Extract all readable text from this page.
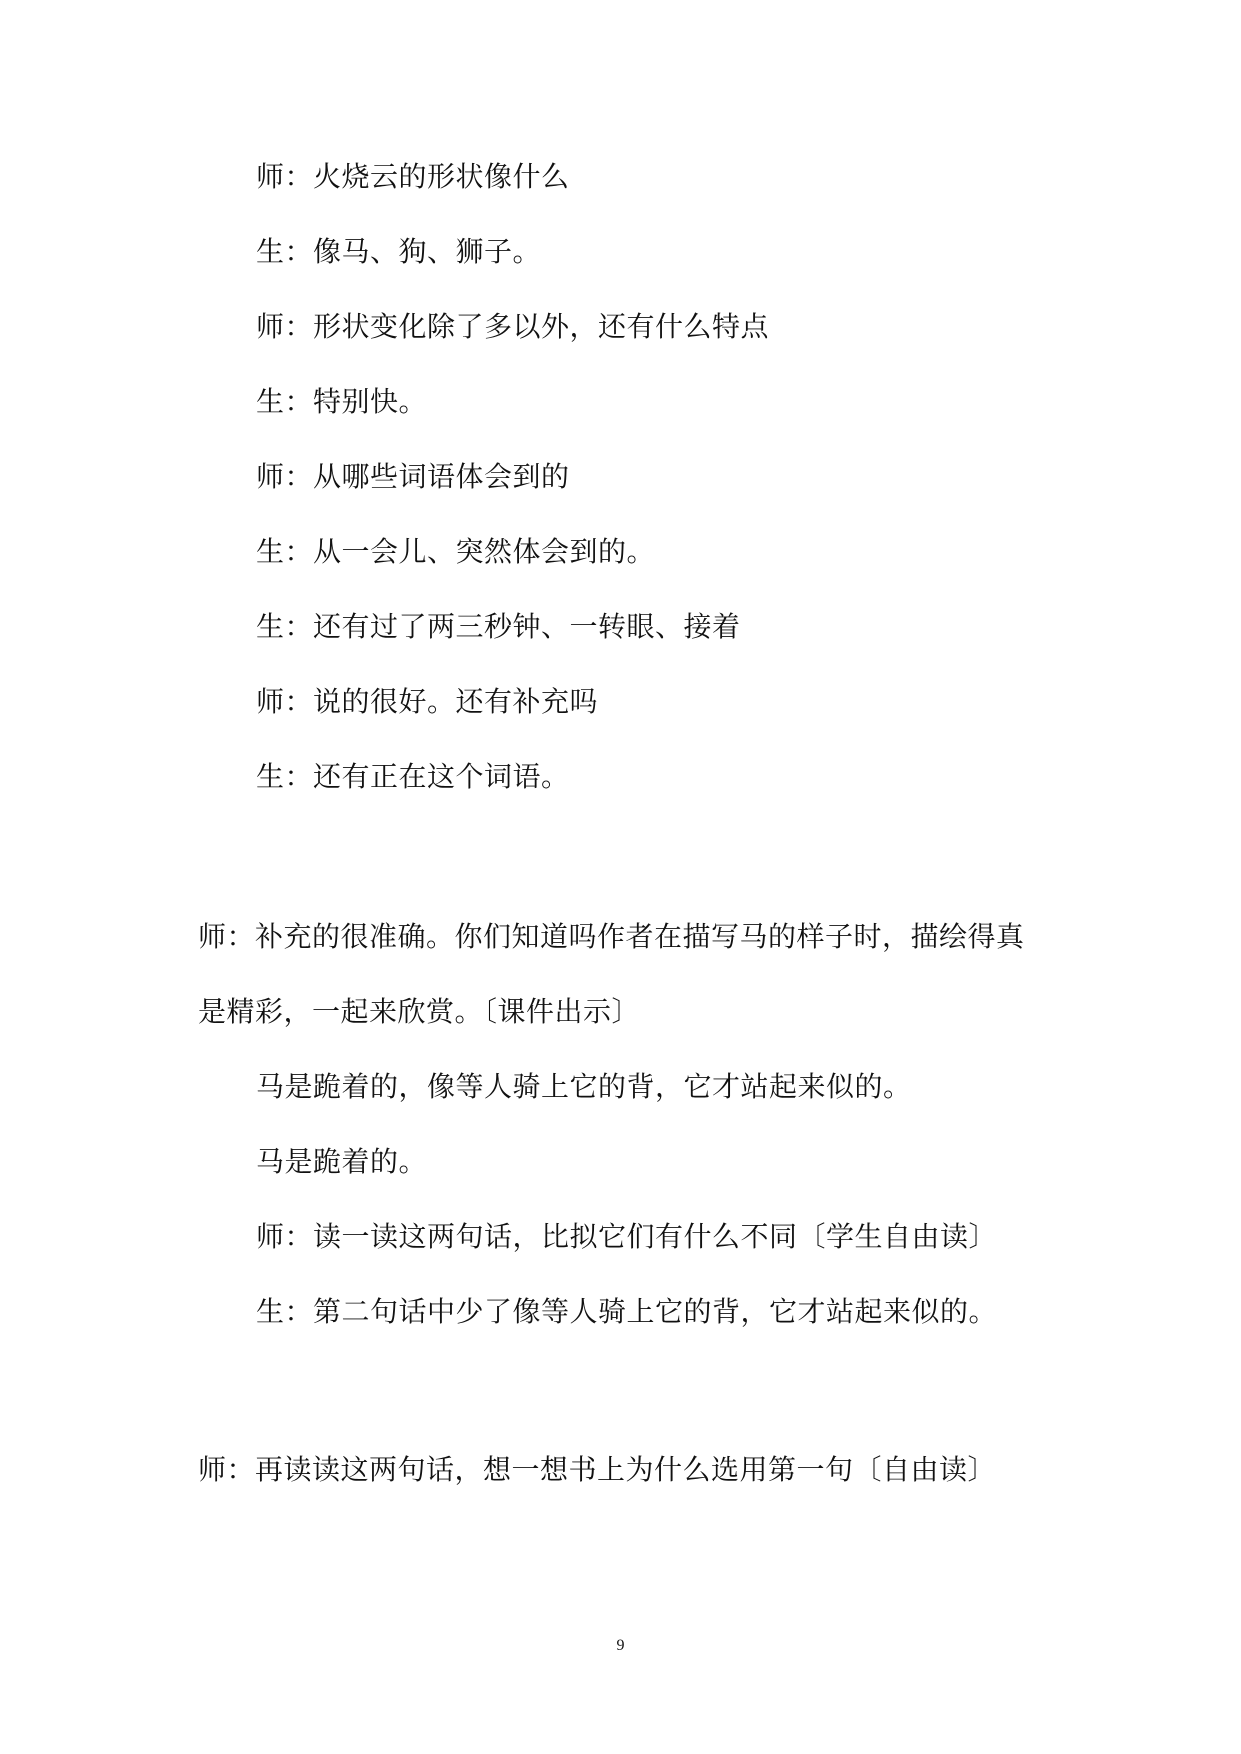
师：火烧云的形状像什么
生：像马、狗、狮子。
师：形状变化除了多以外，还有什么特点
生：特别快。
师：从哪些词语体会到的
生：从一会儿、突然体会到的。
生：还有过了两三秒钟、一转眼、接着
师：说的很好。还有补充吗
生：还有正在这个词语。
师：补充的很准确。你们知道吗作者在描写马的样子时，描绘得真
是精彩，一起来欣赏。〔课件出示〕
马是跪着的，像等人骑上它的背，它才站起来似的。
马是跪着的。
师：读一读这两句话，比拟它们有什么不同〔学生自由读〕
生：第二句话中少了像等人骑上它的背，它才站起来似的。
师：再读读这两句话，想一想书上为什么选用第一句〔自由读〕
9
